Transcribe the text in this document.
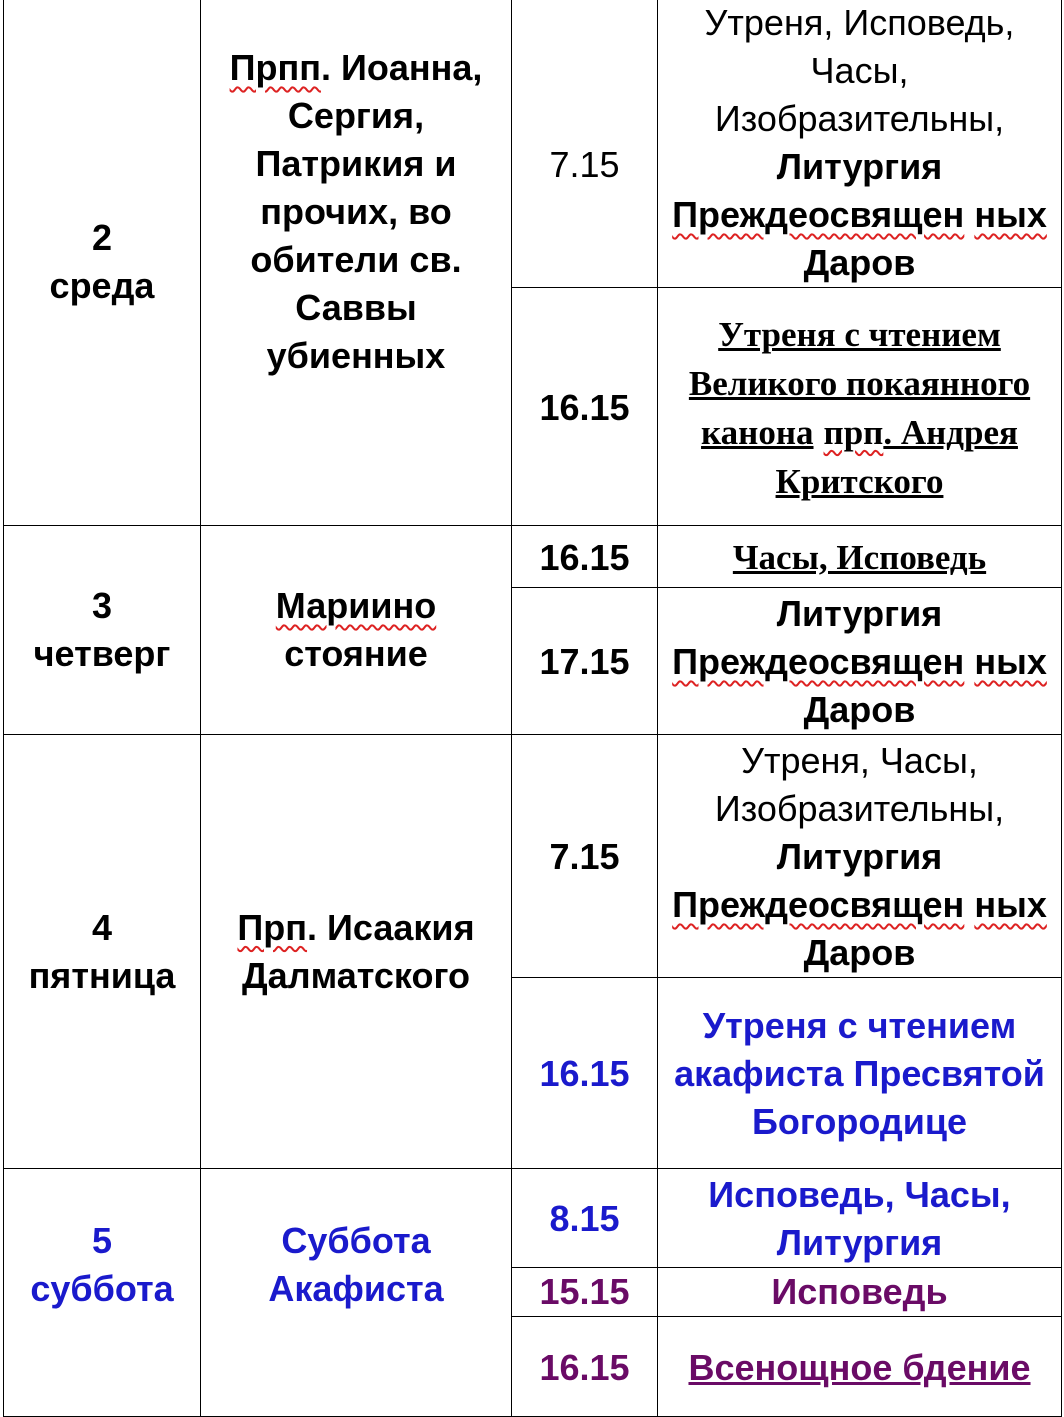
2
среда	Прпп. Иоанна, Сергия, Патрикия и прочих, во обители св. Саввы убиенных	7.15	Утреня, Исповедь, Часы, Изобразительны,
Литургия
Преждеосвящен ных Даров
		16.15	Утреня с чтением Великого покаянного канона прп. Андрея Критского

3
четверг	Мариино
стояние	16.15	Часы, Исповедь
		17.15	Литургия
Преждеосвящен ных Даров

4
пятница	Прп. Исаакия Далматского	7.15	Утреня, Часы, Изобразительны,
Литургия
Преждеосвящен ных Даров
		16.15	Утреня с чтением акафиста Пресвятой Богородице

5
суббота	Суббота Акафиста	8.15	Исповедь, Часы, Литургия
		15.15	Исповедь
		16.15	Всенощное бдение
